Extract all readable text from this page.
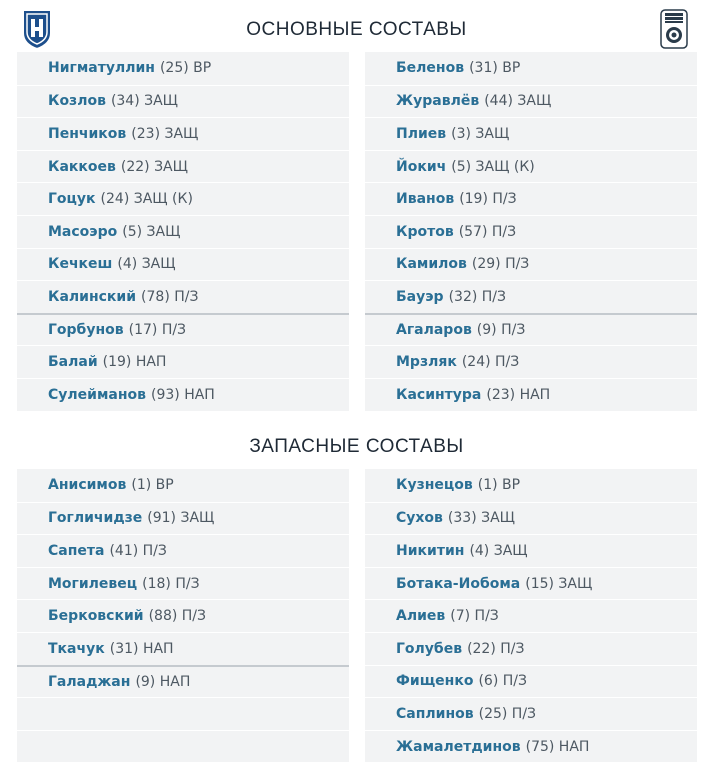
ОСНОВНЫЕ СОСТАВЫ
Нигматуллин (25) ВР
Козлов (34) ЗАЩ
Пенчиков (23) ЗАЩ
Каккоев (22) ЗАЩ
Гоцук (24) ЗАЩ (К)
Масоэро (5) ЗАЩ
Кечкеш (4) ЗАЩ
Калинский (78) П/З
Горбунов (17) П/З
Балай (19) НАП
Сулейманов (93) НАП
Беленов (31) ВР
Журавлёв (44) ЗАЩ
Плиев (3) ЗАЩ
Йокич (5) ЗАЩ (К)
Иванов (19) П/З
Кротов (57) П/З
Камилов (29) П/З
Бауэр (32) П/З
Агаларов (9) П/З
Мрзляк (24) П/З
Касинтура (23) НАП
ЗАПАСНЫЕ СОСТАВЫ
Анисимов (1) ВР
Гогличидзе (91) ЗАЩ
Сапета (41) П/З
Могилевец (18) П/З
Берковский (88) П/З
Ткачук (31) НАП
Галаджан (9) НАП
Кузнецов (1) ВР
Сухов (33) ЗАЩ
Никитин (4) ЗАЩ
Ботака-Иобома (15) ЗАЩ
Алиев (7) П/З
Голубев (22) П/З
Фищенко (6) П/З
Саплинов (25) П/З
Жамалетдинов (75) НАП
